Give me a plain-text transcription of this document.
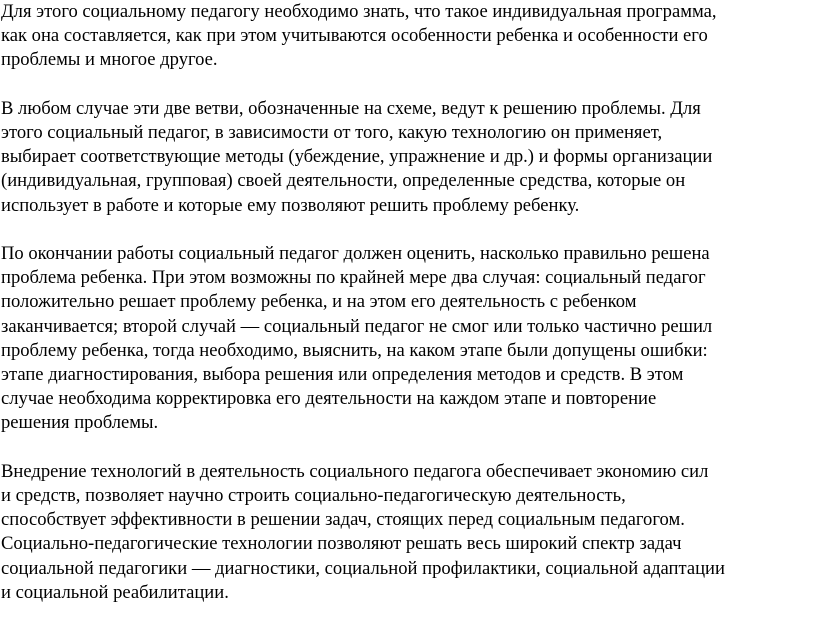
Для этого социальному педагогу необходимо знать, что такое индивидуальная программа,
как она составляется, как при этом учитываются особенности ребенка и особенности его
проблемы и многое другое.

В любом случае эти две ветви, обозначенные на схеме, ведут к решению проблемы. Для
этого социальный педагог, в зависимости от того, какую технологию он применяет,
выбирает соответствующие методы (убеждение, упражнение и др.) и формы организации
(индивидуальная, групповая) своей деятельности, определенные средства, которые он
использует в работе и которые ему позволяют решить проблему ребенку.

По окончании работы социальный педагог должен оценить, насколько правильно решена
проблема ребенка. При этом возможны по крайней мере два случая: социальный педагог
положительно решает проблему ребенка, и на этом его деятельность с ребенком
заканчивается; второй случай — социальный педагог не смог или только частично решил
проблему ребенка, тогда необходимо, выяснить, на каком этапе были допущены ошибки:
этапе диагностирования, выбора решения или определения методов и средств. В этом
случае необходима корректировка его деятельности на каждом этапе и повторение
решения проблемы.

Внедрение технологий в деятельность социального педагога обеспечивает экономию сил
и средств, позволяет научно строить социально-педагогическую деятельность,
способствует эффективности в решении задач, стоящих перед социальным педагогом.
Социально-педагогические технологии позволяют решать весь широкий спектр задач
социальной педагогики — диагностики, социальной профилактики, социальной адаптации
и социальной реабилитации.
